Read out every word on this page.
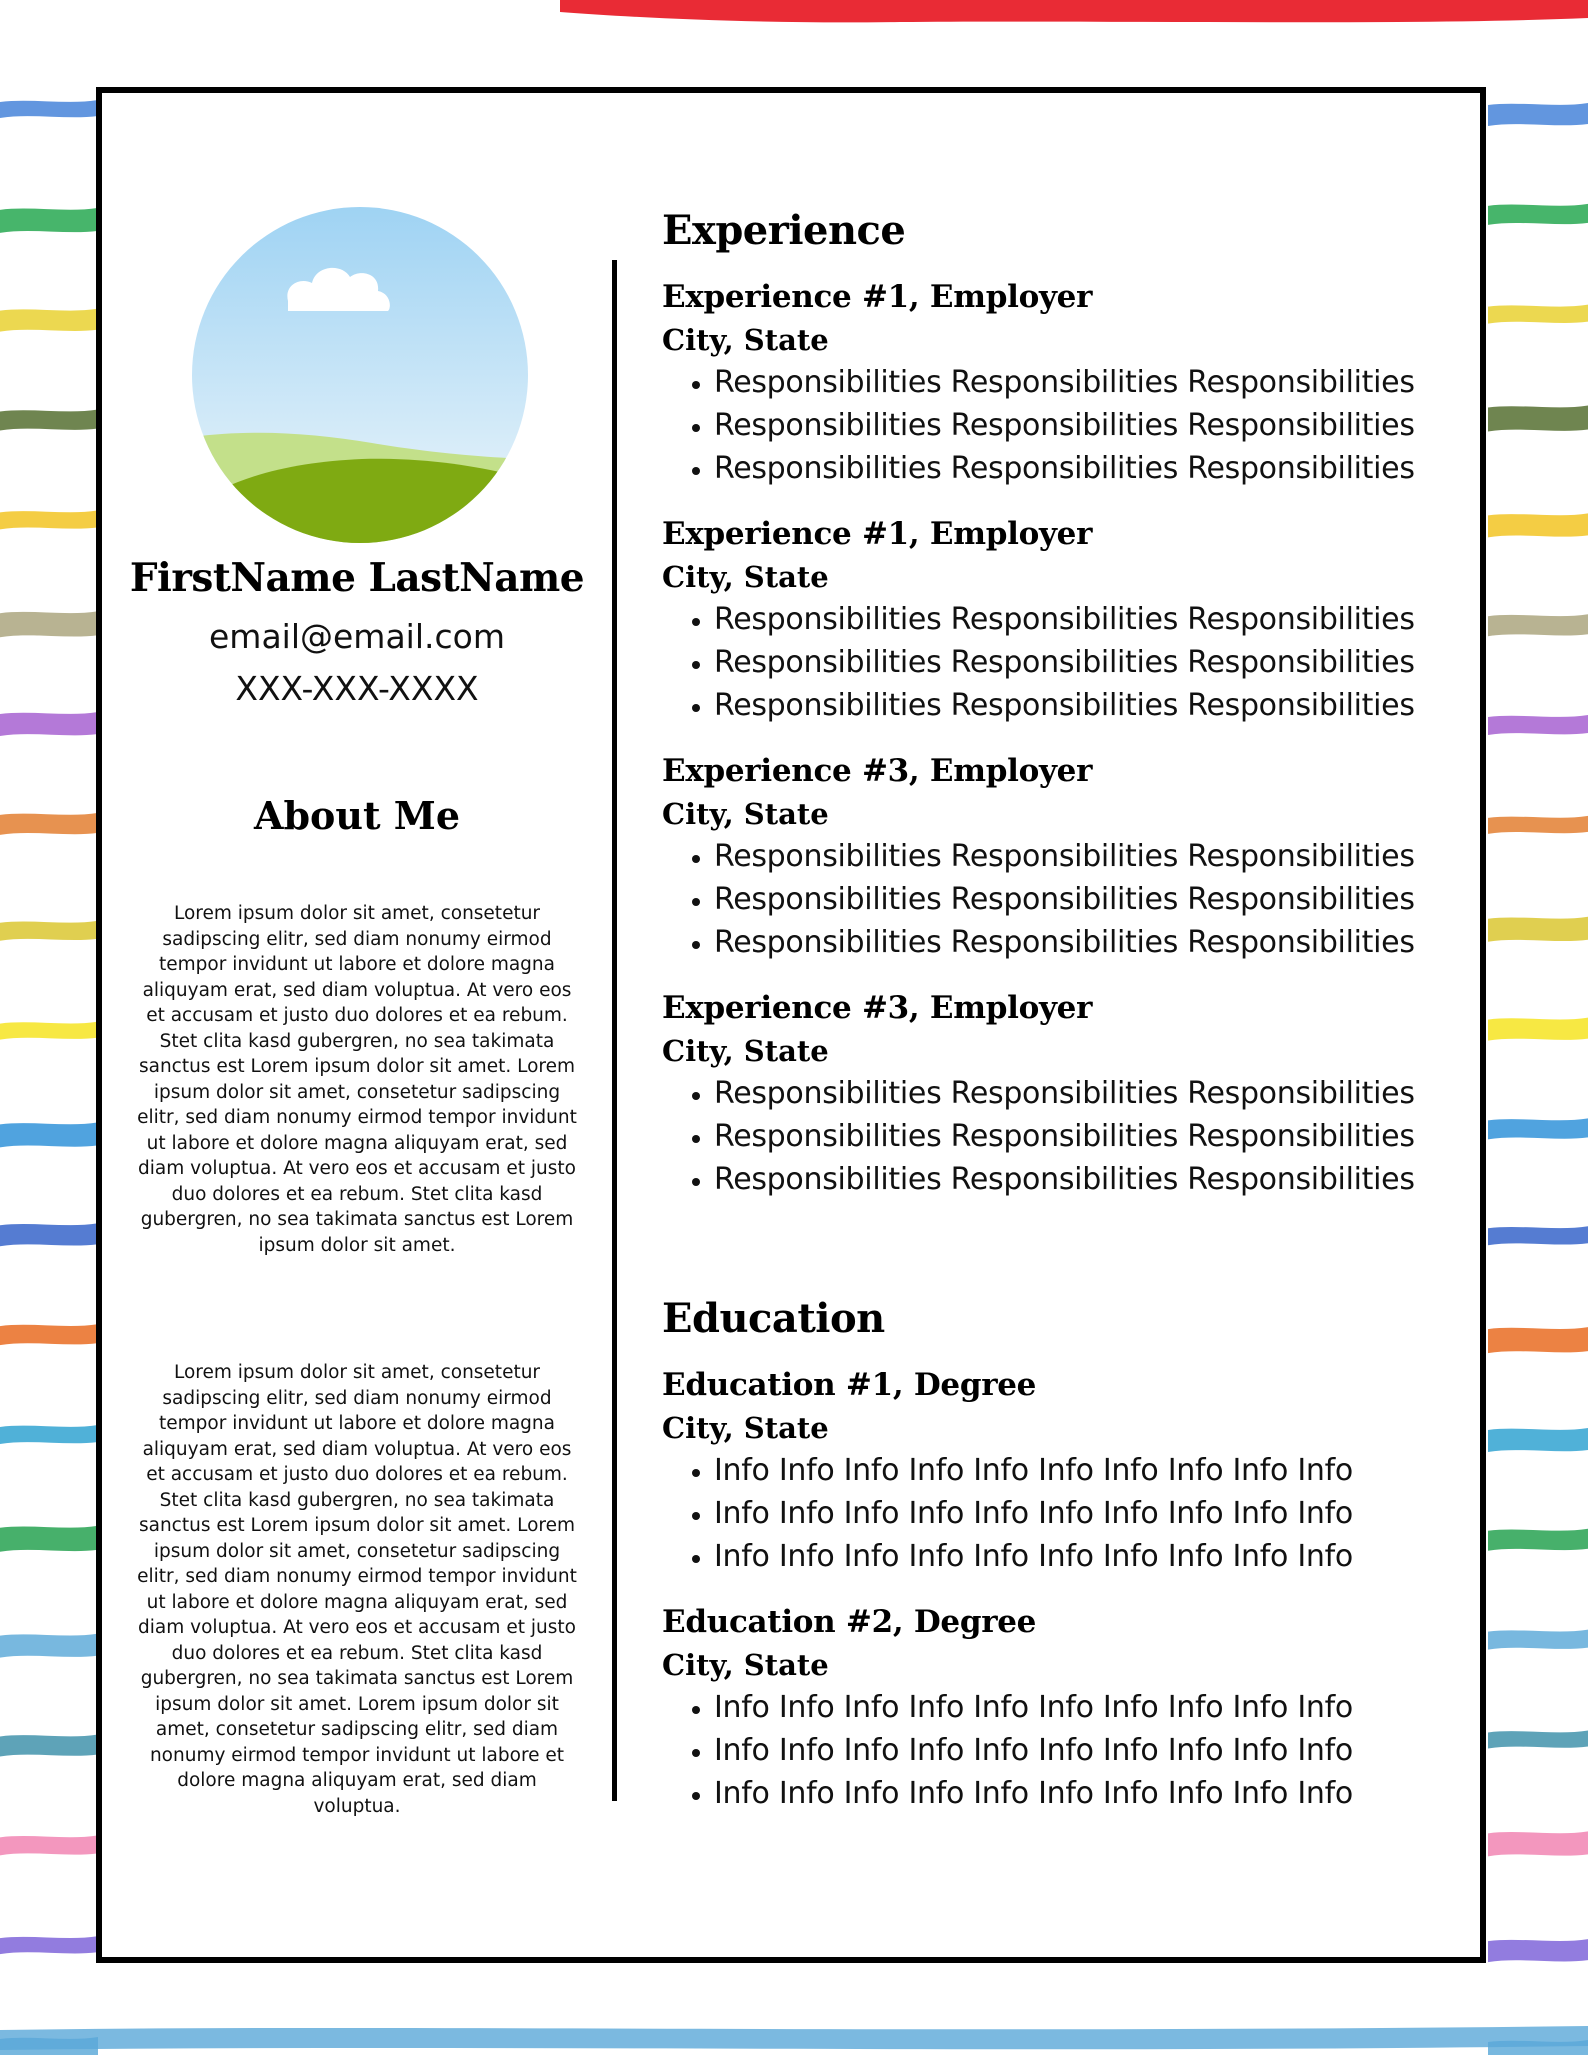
FirstName LastName
email@email.com
XXX-XXX-XXXX
About Me
Lorem ipsum dolor sit amet, consetetur sadipscing elitr, sed diam nonumy eirmod tempor invidunt ut labore et dolore magna aliquyam erat, sed diam voluptua. At vero eos et accusam et justo duo dolores et ea rebum. Stet clita kasd gubergren, no sea takimata sanctus est Lorem ipsum dolor sit amet. Lorem ipsum dolor sit amet, consetetur sadipscing elitr, sed diam nonumy eirmod tempor invidunt ut labore et dolore magna aliquyam erat, sed diam voluptua. At vero eos et accusam et justo duo dolores et ea rebum. Stet clita kasd gubergren, no sea takimata sanctus est Lorem ipsum dolor sit amet.
Lorem ipsum dolor sit amet, consetetur sadipscing elitr, sed diam nonumy eirmod tempor invidunt ut labore et dolore magna aliquyam erat, sed diam voluptua. At vero eos et accusam et justo duo dolores et ea rebum. Stet clita kasd gubergren, no sea takimata sanctus est Lorem ipsum dolor sit amet. Lorem ipsum dolor sit amet, consetetur sadipscing elitr, sed diam nonumy eirmod tempor invidunt ut labore et dolore magna aliquyam erat, sed diam voluptua. At vero eos et accusam et justo duo dolores et ea rebum. Stet clita kasd gubergren, no sea takimata sanctus est Lorem ipsum dolor sit amet. Lorem ipsum dolor sit amet, consetetur sadipscing elitr, sed diam nonumy eirmod tempor invidunt ut labore et dolore magna aliquyam erat, sed diam voluptua.
Experience
Experience #1, Employer
City, State
• Responsibilities Responsibilities Responsibilities
• Responsibilities Responsibilities Responsibilities
• Responsibilities Responsibilities Responsibilities
Experience #1, Employer
City, State
• Responsibilities Responsibilities Responsibilities
• Responsibilities Responsibilities Responsibilities
• Responsibilities Responsibilities Responsibilities
Experience #3, Employer
City, State
• Responsibilities Responsibilities Responsibilities
• Responsibilities Responsibilities Responsibilities
• Responsibilities Responsibilities Responsibilities
Experience #3, Employer
City, State
• Responsibilities Responsibilities Responsibilities
• Responsibilities Responsibilities Responsibilities
• Responsibilities Responsibilities Responsibilities
Education
Education #1, Degree
City, State
• Info Info Info Info Info Info Info Info Info Info
• Info Info Info Info Info Info Info Info Info Info
• Info Info Info Info Info Info Info Info Info Info
Education #2, Degree
City, State
• Info Info Info Info Info Info Info Info Info Info
• Info Info Info Info Info Info Info Info Info Info
• Info Info Info Info Info Info Info Info Info Info
